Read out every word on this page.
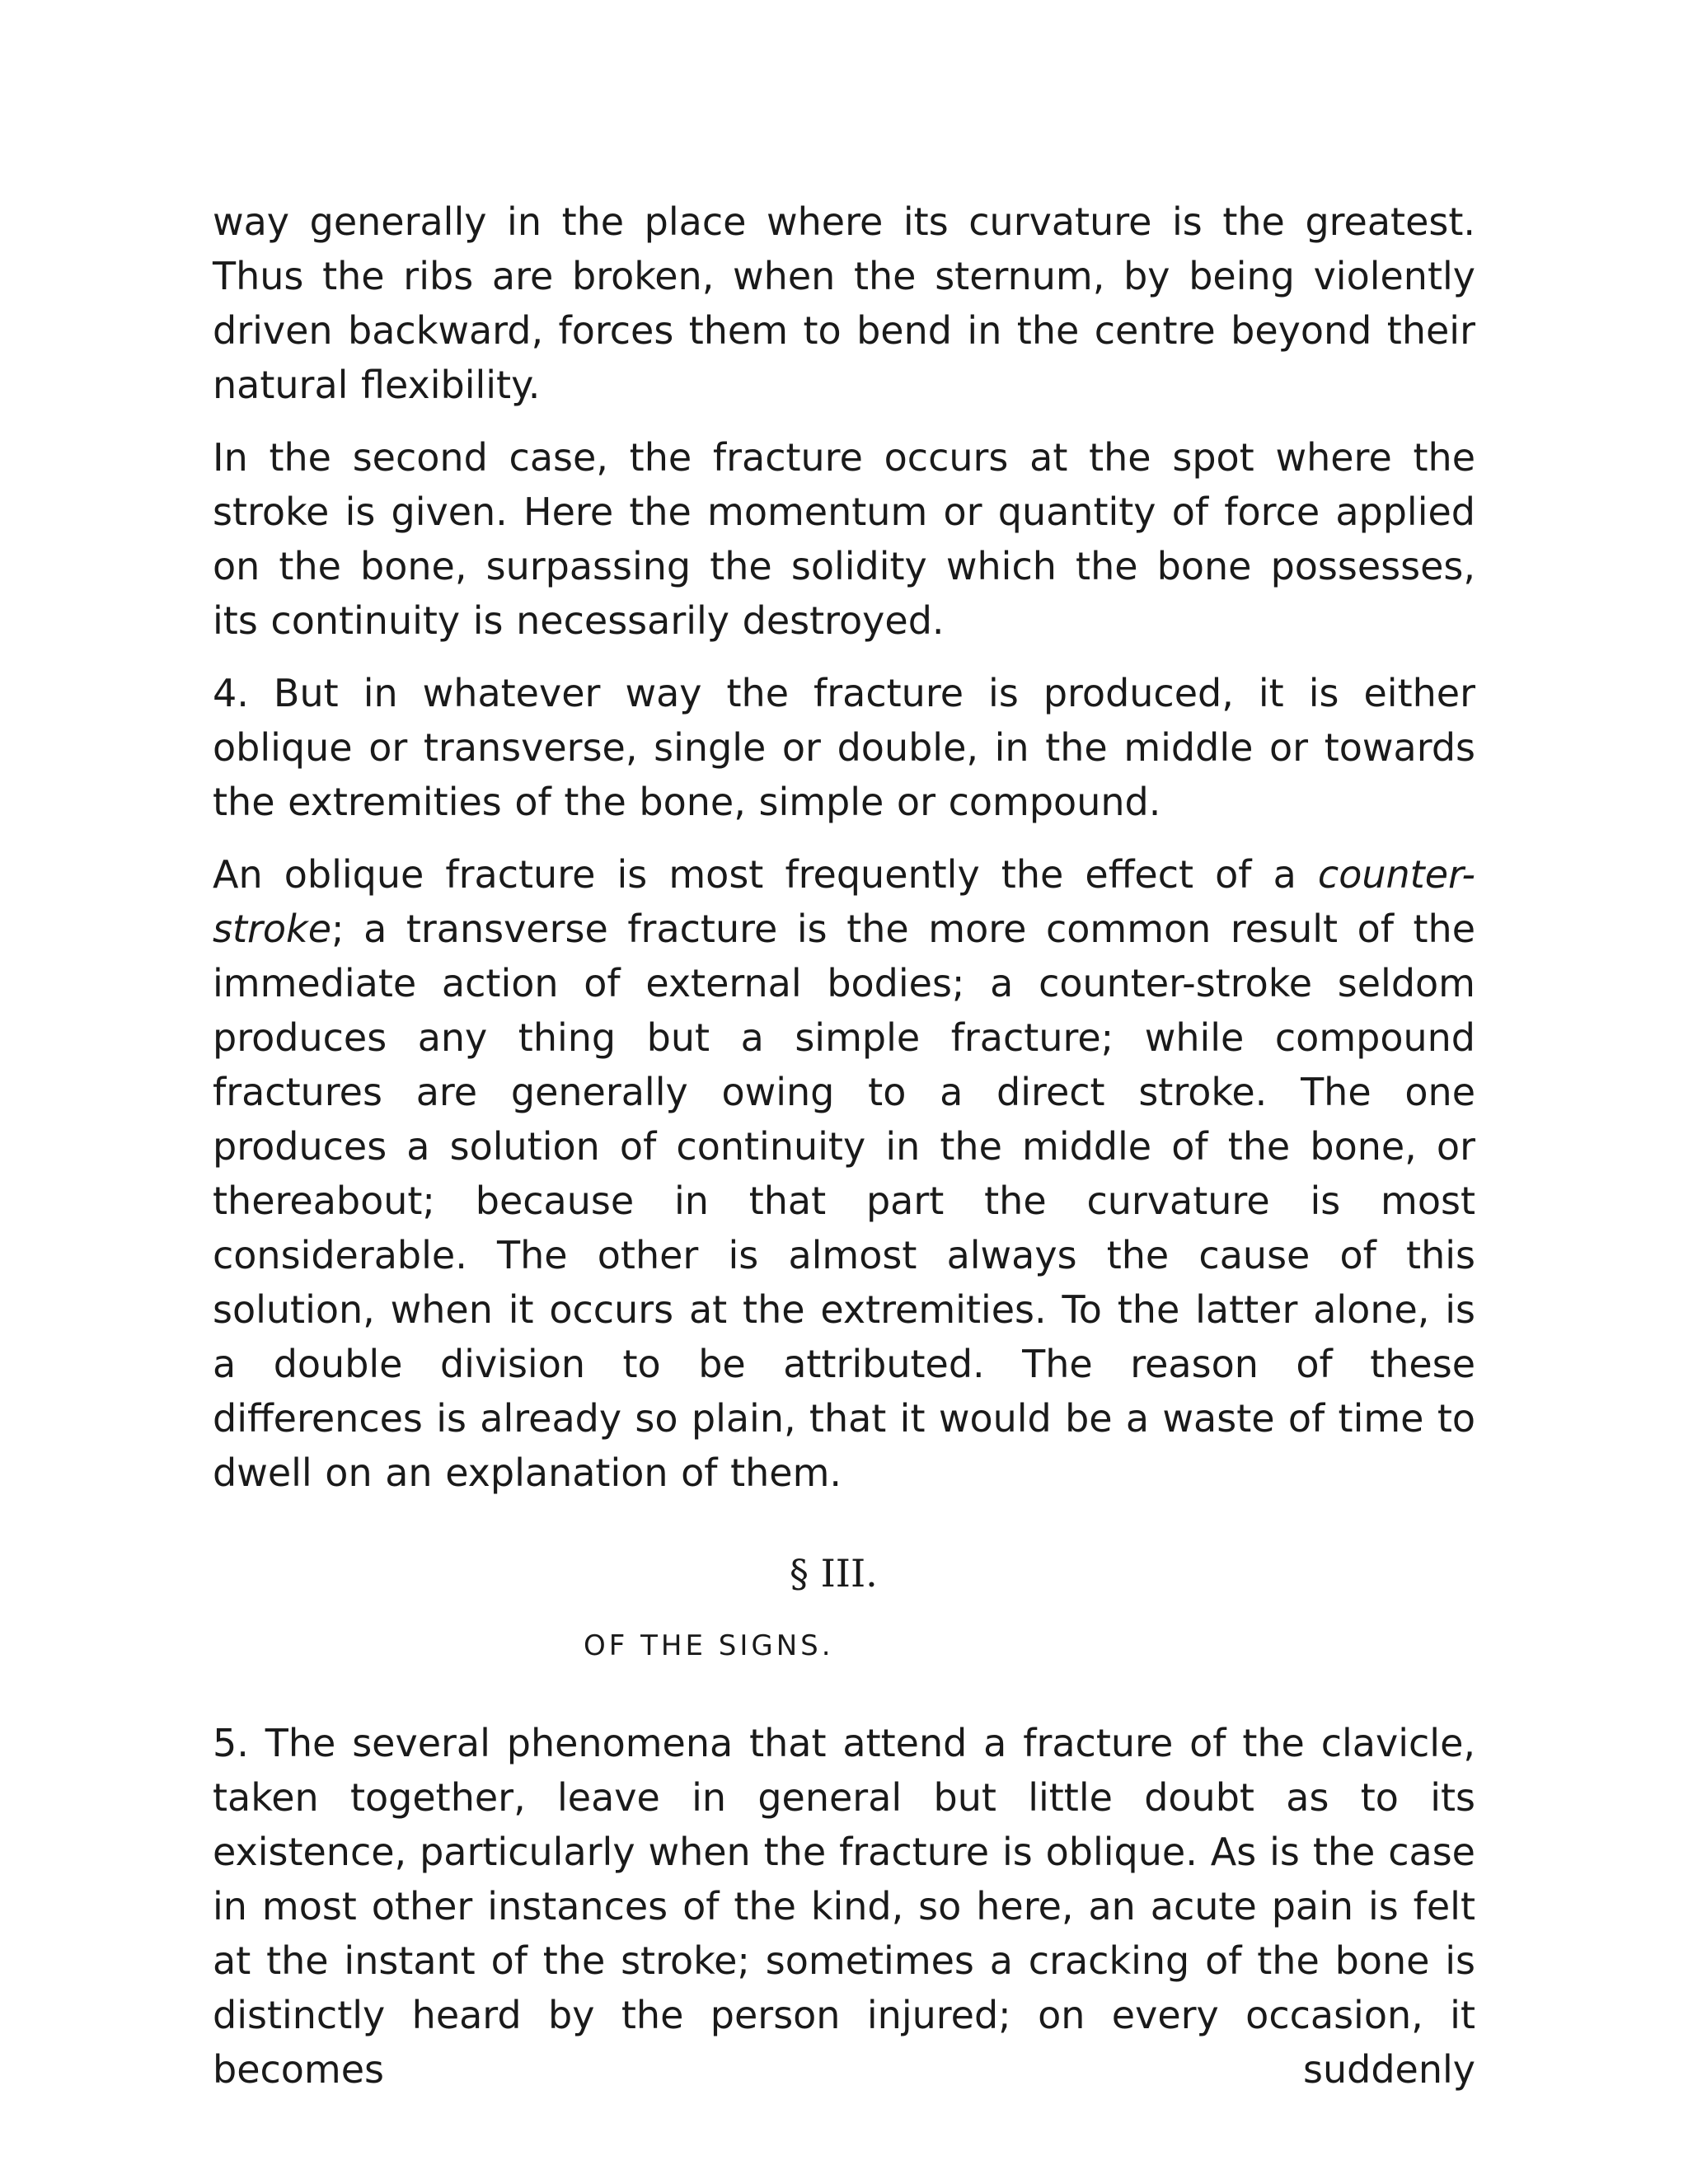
way generally in the place where its curvature is the greatest. Thus the ribs are broken, when the sternum, by being violently driven backward, forces them to bend in the centre beyond their natural flexibility.

In the second case, the fracture occurs at the spot where the stroke is given. Here the momentum or quantity of force applied on the bone, surpassing the solidity which the bone possesses, its continuity is necessarily destroyed.

4. But in whatever way the fracture is produced, it is either oblique or transverse, single or double, in the middle or towards the extremities of the bone, simple or compound.

An oblique fracture is most frequently the effect of a counter-stroke; a transverse fracture is the more common result of the immediate action of external bodies; a counter-stroke seldom produces any thing but a simple fracture; while compound fractures are generally owing to a direct stroke. The one produces a solution of continuity in the middle of the bone, or thereabout; because in that part the curvature is most considerable. The other is almost always the cause of this solution, when it occurs at the extremities. To the latter alone, is a double division to be attributed. The reason of these differences is already so plain, that it would be a waste of time to dwell on an explanation of them.

§ III.
OF THE SIGNS.

5. The several phenomena that attend a fracture of the clavicle, taken together, leave in general but little doubt as to its existence, particularly when the fracture is oblique. As is the case in most other instances of the kind, so here, an acute pain is felt at the instant of the stroke; sometimes a cracking of the bone is distinctly heard by the person injured; on every occasion, it becomes suddenly
